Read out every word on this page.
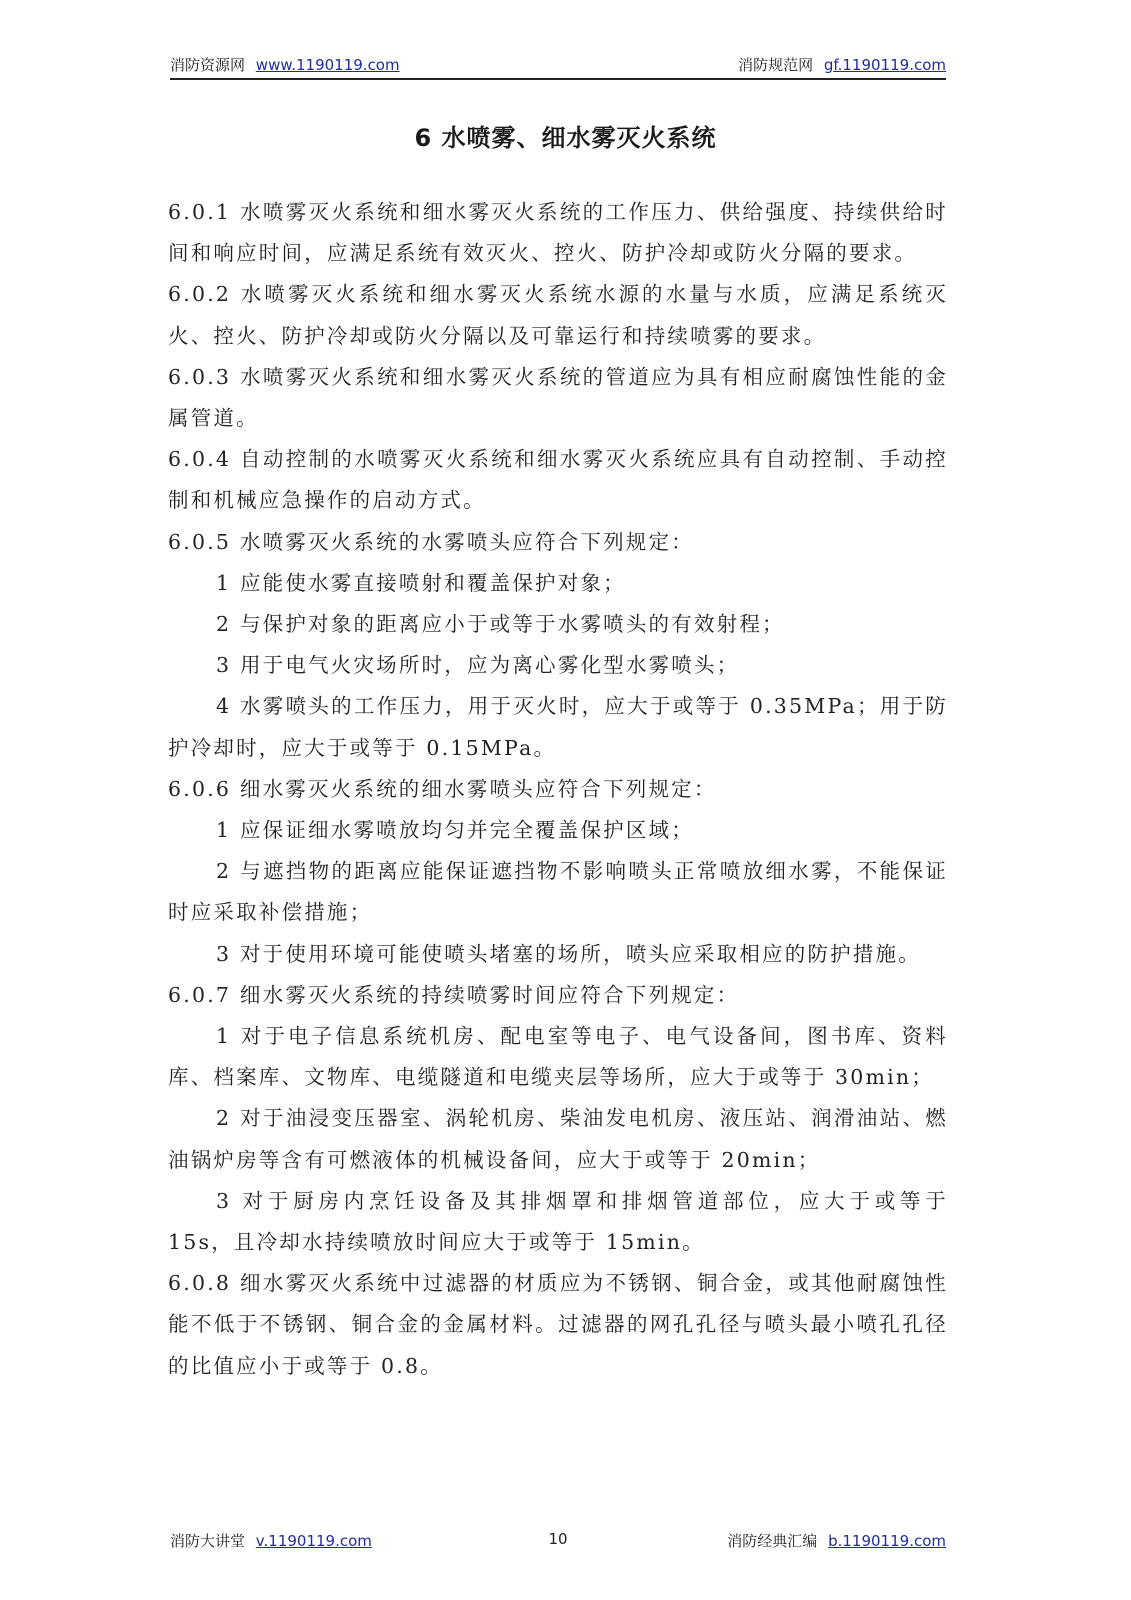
消防资源网 www.1190119.com	消防规范网 gf.1190119.com
6 水喷雾、细水雾灭火系统

6.0.1 水喷雾灭火系统和细水雾灭火系统的工作压力、供给强度、持续供给时间和响应时间，应满足系统有效灭火、控火、防护冷却或防火分隔的要求。

6.0.2 水喷雾灭火系统和细水雾灭火系统水源的水量与水质，应满足系统灭火、控火、防护冷却或防火分隔以及可靠运行和持续喷雾的要求。

6.0.3 水喷雾灭火系统和细水雾灭火系统的管道应为具有相应耐腐蚀性能的金属管道。

6.0.4 自动控制的水喷雾灭火系统和细水雾灭火系统应具有自动控制、手动控制和机械应急操作的启动方式。

6.0.5 水喷雾灭火系统的水雾喷头应符合下列规定：

1 应能使水雾直接喷射和覆盖保护对象；

2 与保护对象的距离应小于或等于水雾喷头的有效射程；

3 用于电气火灾场所时，应为离心雾化型水雾喷头；

4 水雾喷头的工作压力，用于灭火时，应大于或等于 0.35MPa；用于防护冷却时，应大于或等于 0.15MPa。

6.0.6 细水雾灭火系统的细水雾喷头应符合下列规定：

1 应保证细水雾喷放均匀并完全覆盖保护区域；

2 与遮挡物的距离应能保证遮挡物不影响喷头正常喷放细水雾，不能保证时应采取补偿措施；

3 对于使用环境可能使喷头堵塞的场所，喷头应采取相应的防护措施。

6.0.7 细水雾灭火系统的持续喷雾时间应符合下列规定：

1 对于电子信息系统机房、配电室等电子、电气设备间，图书库、资料库、档案库、文物库、电缆隧道和电缆夹层等场所，应大于或等于 30min；

2 对于油浸变压器室、涡轮机房、柴油发电机房、液压站、润滑油站、燃油锅炉房等含有可燃液体的机械设备间，应大于或等于 20min；

3 对于厨房内烹饪设备及其排烟罩和排烟管道部位，应大于或等于 15s，且冷却水持续喷放时间应大于或等于 15min。

6.0.8 细水雾灭火系统中过滤器的材质应为不锈钢、铜合金，或其他耐腐蚀性能不低于不锈钢、铜合金的金属材料。过滤器的网孔孔径与喷头最小喷孔孔径的比值应小于或等于 0.8。

10
消防大讲堂 v.1190119.com	消防经典汇编 b.1190119.com
